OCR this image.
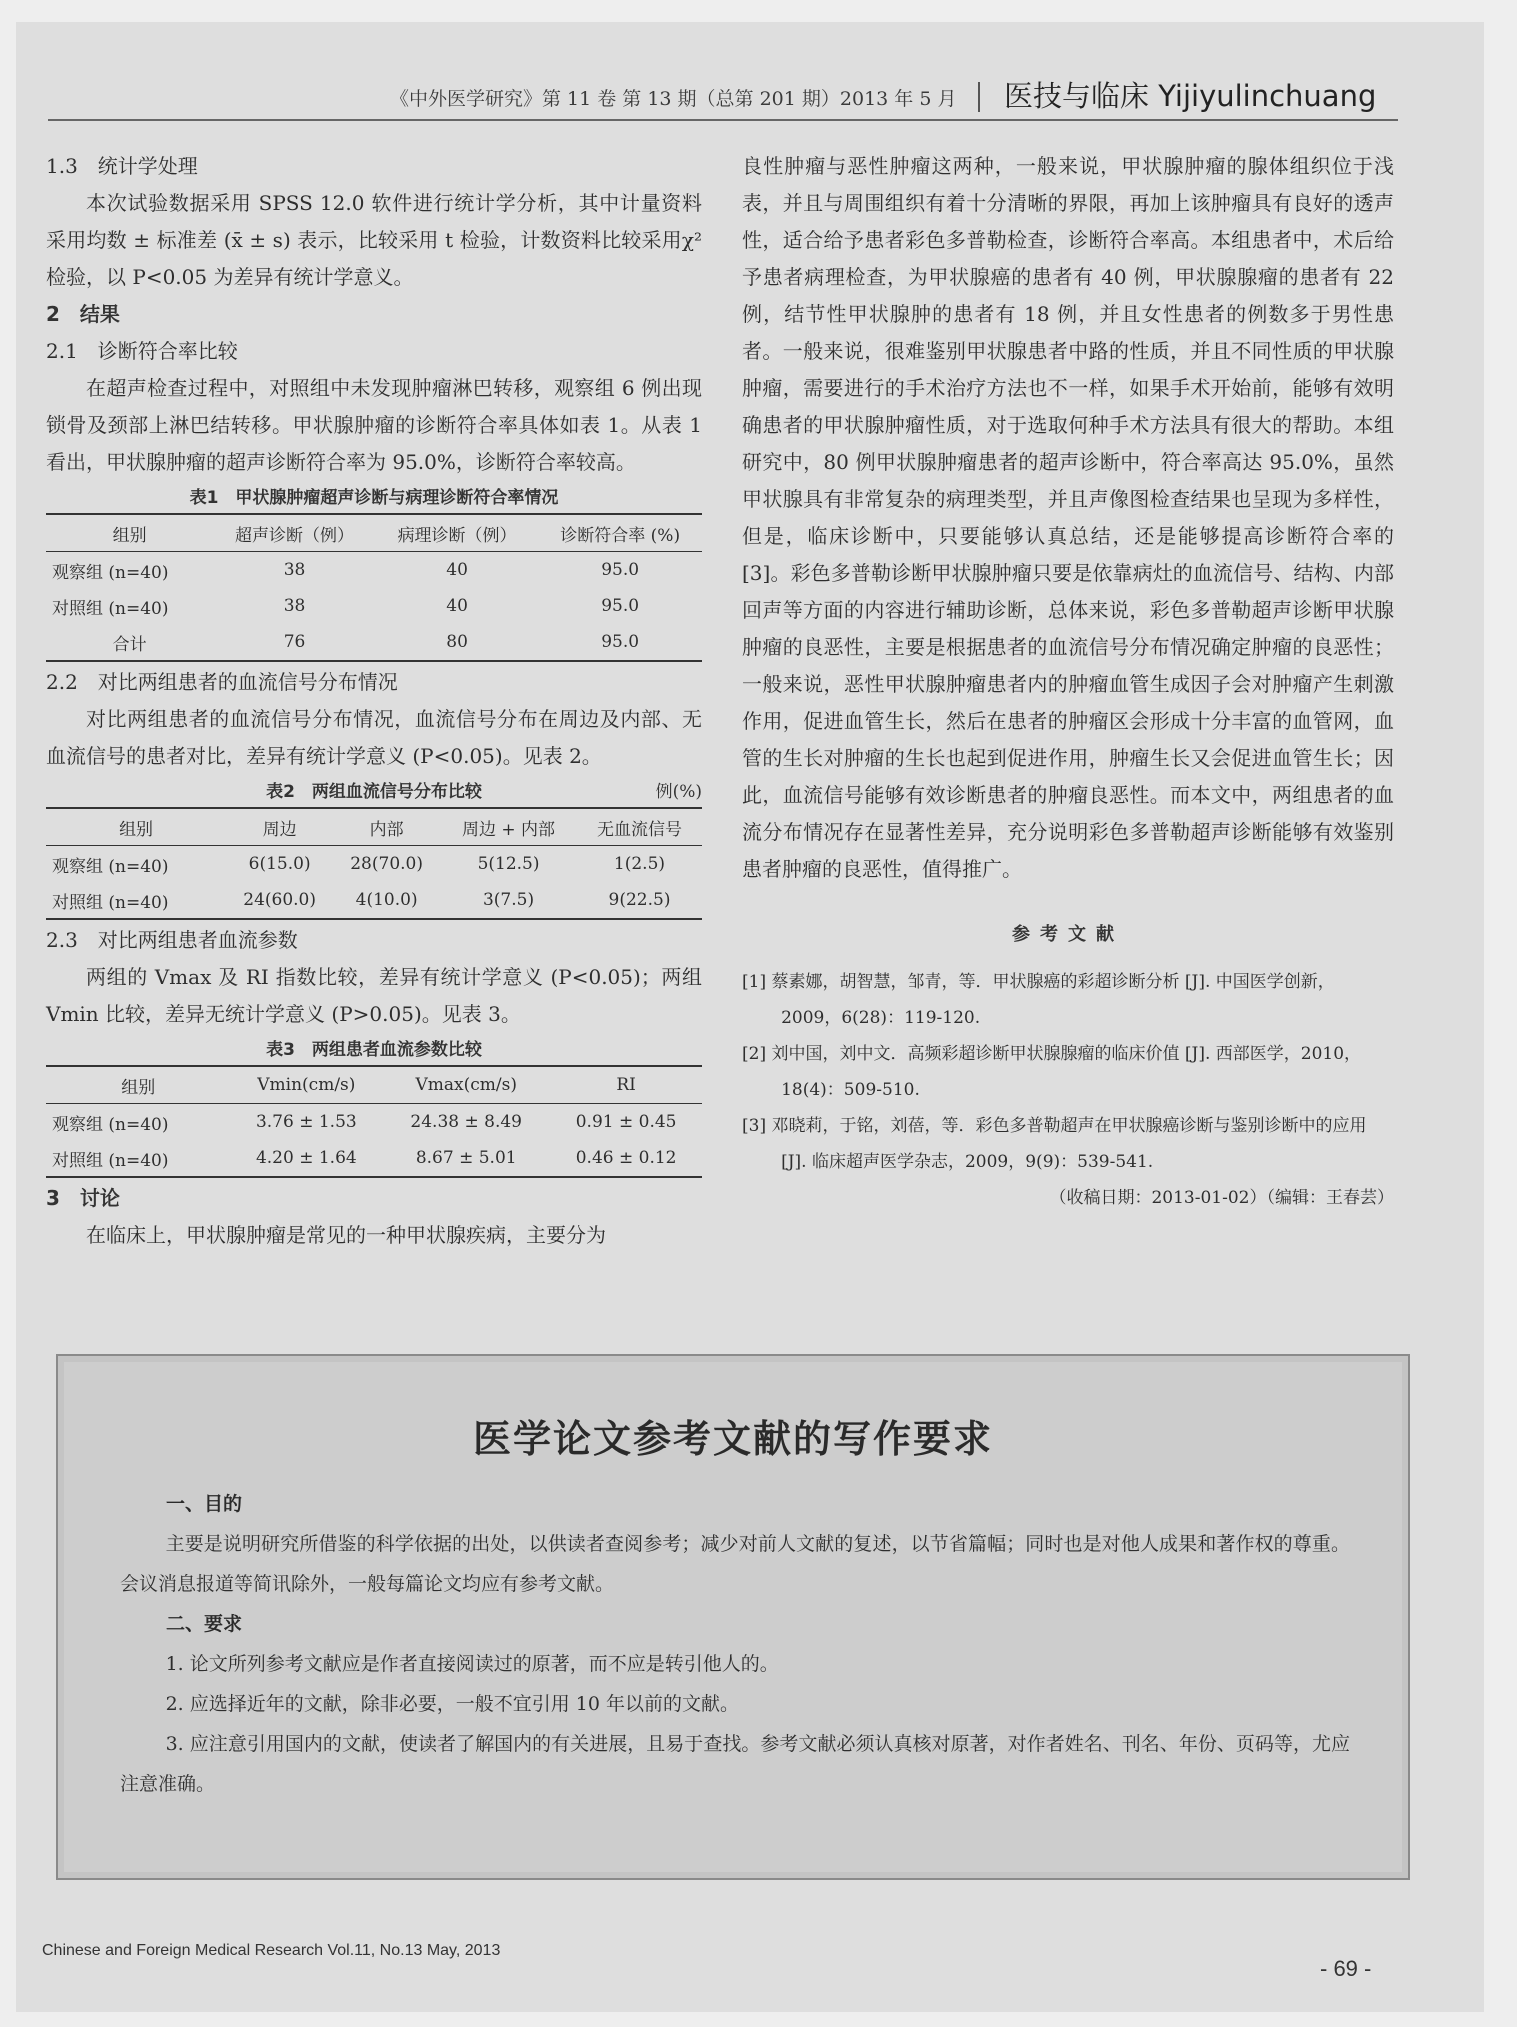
《中外医学研究》第 11 卷 第 13 期（总第 201 期）2013 年 5 月 医技与临床 Yijiyulinchuang

1.3　统计学处理

本次试验数据采用 SPSS 12.0 软件进行统计学分析，其中计量资料采用均数 ± 标准差 (x̄ ± s) 表示，比较采用 t 检验，计数资料比较采用χ² 检验，以 P<0.05 为差异有统计学意义。

2　结果

2.1　诊断符合率比较

在超声检查过程中，对照组中未发现肿瘤淋巴转移，观察组 6 例出现锁骨及颈部上淋巴结转移。甲状腺肿瘤的诊断符合率具体如表 1。从表 1 看出，甲状腺肿瘤的超声诊断符合率为 95.0%，诊断符合率较高。

表1　甲状腺肿瘤超声诊断与病理诊断符合率情况
组别	超声诊断（例）	病理诊断（例）	诊断符合率 (%)
观察组 (n=40)	38	40	95.0
对照组 (n=40)	38	40	95.0
合计	76	80	95.0

2.2　对比两组患者的血流信号分布情况

对比两组患者的血流信号分布情况，血流信号分布在周边及内部、无血流信号的患者对比，差异有统计学意义 (P<0.05)。见表 2。

表2　两组血流信号分布比较	例(%)
组别	周边	内部	周边 + 内部	无血流信号
观察组 (n=40)	6(15.0)	28(70.0)	5(12.5)	1(2.5)
对照组 (n=40)	24(60.0)	4(10.0)	3(7.5)	9(22.5)

2.3　对比两组患者血流参数

两组的 Vmax 及 RI 指数比较，差异有统计学意义 (P<0.05)；两组 Vmin 比较，差异无统计学意义 (P>0.05)。见表 3。

表3　两组患者血流参数比较
组别	Vmin(cm/s)	Vmax(cm/s)	RI
观察组 (n=40)	3.76 ± 1.53	24.38 ± 8.49	0.91 ± 0.45
对照组 (n=40)	4.20 ± 1.64	8.67 ± 5.01	0.46 ± 0.12

3　讨论

在临床上，甲状腺肿瘤是常见的一种甲状腺疾病，主要分为

良性肿瘤与恶性肿瘤这两种，一般来说，甲状腺肿瘤的腺体组织位于浅表，并且与周围组织有着十分清晰的界限，再加上该肿瘤具有良好的透声性，适合给予患者彩色多普勒检查，诊断符合率高。本组患者中，术后给予患者病理检查，为甲状腺癌的患者有 40 例，甲状腺腺瘤的患者有 22 例，结节性甲状腺肿的患者有 18 例，并且女性患者的例数多于男性患者。一般来说，很难鉴别甲状腺患者中路的性质，并且不同性质的甲状腺肿瘤，需要进行的手术治疗方法也不一样，如果手术开始前，能够有效明确患者的甲状腺肿瘤性质，对于选取何种手术方法具有很大的帮助。本组研究中，80 例甲状腺肿瘤患者的超声诊断中，符合率高达 95.0%，虽然甲状腺具有非常复杂的病理类型，并且声像图检查结果也呈现为多样性，但是，临床诊断中，只要能够认真总结，还是能够提高诊断符合率的 [3]。彩色多普勒诊断甲状腺肿瘤只要是依靠病灶的血流信号、结构、内部回声等方面的内容进行辅助诊断，总体来说，彩色多普勒超声诊断甲状腺肿瘤的良恶性，主要是根据患者的血流信号分布情况确定肿瘤的良恶性；一般来说，恶性甲状腺肿瘤患者内的肿瘤血管生成因子会对肿瘤产生刺激作用，促进血管生长，然后在患者的肿瘤区会形成十分丰富的血管网，血管的生长对肿瘤的生长也起到促进作用，肿瘤生长又会促进血管生长；因此，血流信号能够有效诊断患者的肿瘤良恶性。而本文中，两组患者的血流分布情况存在显著性差异，充分说明彩色多普勒超声诊断能够有效鉴别患者肿瘤的良恶性，值得推广。

参考文献

[1] 蔡素娜，胡智慧，邹青，等．甲状腺癌的彩超诊断分析 [J]. 中国医学创新，2009，6(28)：119-120.

[2] 刘中国，刘中文．高频彩超诊断甲状腺腺瘤的临床价值 [J]. 西部医学，2010，18(4)：509-510.

[3] 邓晓莉，于铭，刘蓓，等．彩色多普勒超声在甲状腺癌诊断与鉴别诊断中的应用 [J]. 临床超声医学杂志，2009，9(9)：539-541.

（收稿日期：2013-01-02）（编辑：王春芸）

医学论文参考文献的写作要求

一、目的

主要是说明研究所借鉴的科学依据的出处，以供读者查阅参考；减少对前人文献的复述，以节省篇幅；同时也是对他人成果和著作权的尊重。会议消息报道等简讯除外，一般每篇论文均应有参考文献。

二、要求

1. 论文所列参考文献应是作者直接阅读过的原著，而不应是转引他人的。

2. 应选择近年的文献，除非必要，一般不宜引用 10 年以前的文献。

3. 应注意引用国内的文献，使读者了解国内的有关进展，且易于查找。参考文献必须认真核对原著，对作者姓名、刊名、年份、页码等，尤应注意准确。

Chinese and Foreign Medical Research Vol.11, No.13 May, 2013
- 69 -
